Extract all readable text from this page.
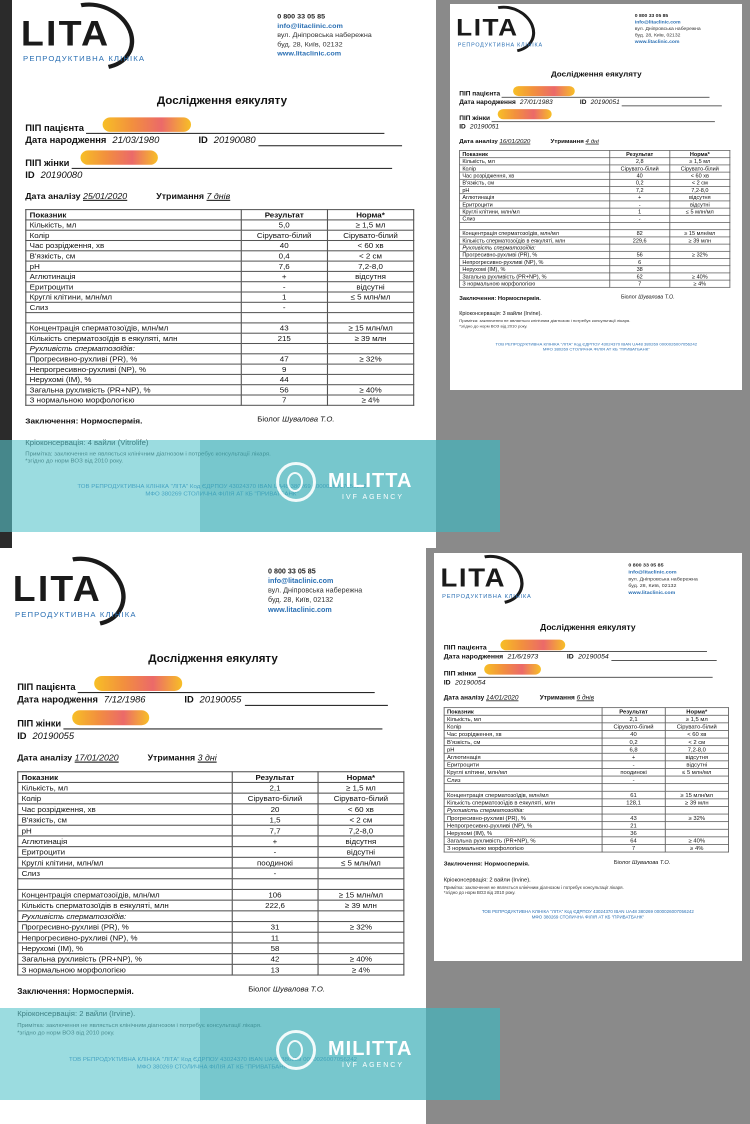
LITA
РЕПРОДУКТИВНА КЛІНІКА
0 800 33 05 85
info@litaclinic.com
вул. Дніпровська набережна
буд. 28, Київ, 02132
www.litaclinic.com
Дослідження еякуляту
ПІП пацієнта
Дата народження 21/03/1980	ID 20190080
ПІП жінки
ID 20190080
Дата аналізу 25/01/2020	Утримання 7 днів
Показник	Результат	Норма*
Кількість, мл	5,0	≥ 1,5 мл
Колір	Сірувато-білий	Сірувато-білий
Час розрідження, хв	40	< 60 хв
В'язкість, см	0,4	< 2 см
pH	7,6	7,2-8,0
Аглютинація	+	відсутня
Еритроцити	-	відсутні
Круглі клітини, млн/мл	1	≤ 5 млн/мл
Слиз	-	

Концентрація сперматозоїдів, млн/мл	43	≥ 15 млн/мл
Кількість сперматозоїдів в еякуляті, млн	215	≥ 39 млн
Рухливість сперматозоїдів:		
Прогресивно-рухливі (PR), %	47	≥ 32%
Непрогресивно-рухливі (NP), %	9	
Нерухомі (IM), %	44	
Загальна рухливість (PR+NP), %	56	≥ 40%
З нормальною морфологією	7	≥ 4%
Заключення: Нормоспермія.	Біолог Шувалова Т.О.
LITA
РЕПРОДУКТИВНА КЛІНІКА
0 800 33 05 85
info@litaclinic.com
вул. Дніпровська набережна
буд. 28, Київ, 02132
www.litaclinic.com
Дослідження еякуляту
ПІП пацієнта
Дата народження 27/01/1983	ID 20190051
ПІП жінки
ID 20190051
Дата аналізу 16/01/2020	Утримання 4 дні
Показник	Результат	Норма*
Кількість, мл	2,8	≥ 1,5 мл
Колір	Сірувато-білий	Сірувато-білий
Час розрідження, хв	40	< 60 хв
В'язкість, см	0,2	< 2 см
pH	7,2	7,2-8,0
Аглютинація	+	відсутня
Еритроцити	-	відсутні
Круглі клітини, млн/мл	1	≤ 5 млн/мл
Слиз	-	

Концентрація сперматозоїдів, млн/мл	82	≥ 15 млн/мл
Кількість сперматозоїдів в еякуляті, млн	229,6	≥ 39 млн
Рухливість сперматозоїдів:		
Прогресивно-рухливі (PR), %	56	≥ 32%
Непрогресивно-рухливі (NP), %	6	
Нерухомі (IM), %	38	
Загальна рухливість (PR+NP), %	62	≥ 40%
З нормальною морфологією	7	≥ 4%
Заключення: Нормоспермія.	Біолог Шувалова Т.О.
Кріоконсервація: 3 вайли (Irvine).
Примітка: заключення не являється клінічним діагнозом і потребує консультації лікаря.
*згідно до норм ВОЗ від 2010 року.
ТОВ РЕПРОДУКТИВНА КЛІНІКА "ЛІТА" Код ЄДРПОУ 43024370 IBAN UA48 380269 0000026007056242
МФО 380269 СТОЛИЧНА ФІЛІЯ АТ КБ "ПРИВАТБАНК"
LITA
РЕПРОДУКТИВНА КЛІНІКА
0 800 33 05 85
info@litaclinic.com
вул. Дніпровська набережна
буд. 28, Київ, 02132
www.litaclinic.com
Дослідження еякуляту
ПІП пацієнта
Дата народження 7/12/1986	ID 20190055
ПІП жінки
ID 20190055
Дата аналізу 17/01/2020	Утримання 3 дні
Показник	Результат	Норма*
Кількість, мл	2,1	≥ 1,5 мл
Колір	Сірувато-білий	Сірувато-білий
Час розрідження, хв	20	< 60 хв
В'язкість, см	1,5	< 2 см
pH	7,7	7,2-8,0
Аглютинація	+	відсутня
Еритроцити	-	відсутні
Круглі клітини, млн/мл	поодинокі	≤ 5 млн/мл
Слиз	-	

Концентрація сперматозоїдів, млн/мл	106	≥ 15 млн/мл
Кількість сперматозоїдів в еякуляті, млн	222,6	≥ 39 млн
Рухливість сперматозоїдів:		
Прогресивно-рухливі (PR), %	31	≥ 32%
Непрогресивно-рухливі (NP), %	11	
Нерухомі (IM), %	58	
Загальна рухливість (PR+NP), %	42	≥ 40%
З нормальною морфологією	13	≥ 4%
Заключення: Нормоспермія.	Біолог Шувалова Т.О.
LITA
РЕПРОДУКТИВНА КЛІНІКА
0 800 33 05 85
info@litaclinic.com
вул. Дніпровська набережна
буд. 28, Київ, 02132
www.litaclinic.com
Дослідження еякуляту
ПІП пацієнта
Дата народження 21/6/1973	ID 20190054
ПІП жінки
ID 20190054
Дата аналізу 14/01/2020	Утримання 6 днів
Показник	Результат	Норма*
Кількість, мл	2,1	≥ 1,5 мл
Колір	Сірувато-білий	Сірувато-білий
Час розрідження, хв	40	< 60 хв
В'язкість, см	0,2	< 2 см
pH	6,8	7,2-8,0
Аглютинація	+	відсутня
Еритроцити	-	відсутні
Круглі клітини, млн/мл	поодинокі	≤ 5 млн/мл
Слиз	-	

Концентрація сперматозоїдів, млн/мл	61	≥ 15 млн/мл
Кількість сперматозоїдів в еякуляті, млн	128,1	≥ 39 млн
Рухливість сперматозоїдів:		
Прогресивно-рухливі (PR), %	43	≥ 32%
Непрогресивно-рухливі (NP), %	21	
Нерухомі (IM), %	36	
Загальна рухливість (PR+NP), %	64	≥ 40%
З нормальною морфологією	7	≥ 4%
Заключення: Нормоспермія.	Біолог Шувалова Т.О.
Кріоконсервація: 2 вайли (Irvine).
Примітка: заключення не являється клінічним діагнозом і потребує консультації лікаря.
*згідно до норм ВОЗ від 2010 року.
ТОВ РЕПРОДУКТИВНА КЛІНІКА "ЛІТА" Код ЄДРПОУ 43024370 IBAN UA48 380269 0000026007056242
МФО 380269 СТОЛИЧНА ФІЛІЯ АТ КБ "ПРИВАТБАНК"
MILITTA
IVF AGENCY
MILITTA
IVF AGENCY
